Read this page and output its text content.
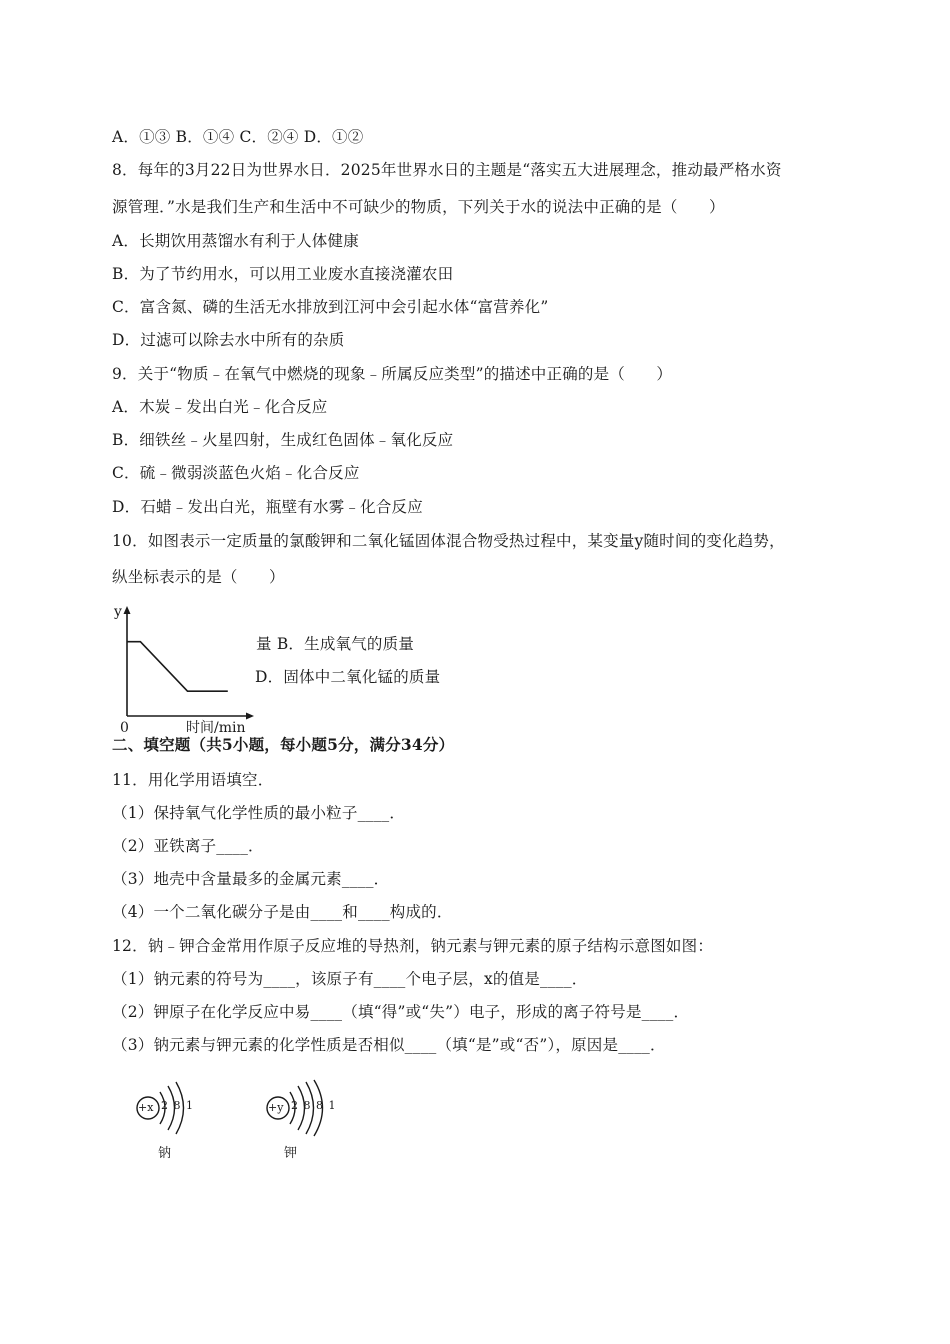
A．①③ B．①④ C．②④ D．①②
8．每年的3月22日为世界水日．2025年世界水日的主题是“落实五大进展理念，推动最严格水资
源管理．”水是我们生产和生活中不可缺少的物质，下列关于水的说法中正确的是（　　）
A．长期饮用蒸馏水有利于人体健康
B．为了节约用水，可以用工业废水直接浇灌农田
C．富含氮、磷的生活无水排放到江河中会引起水体“富营养化”
D．过滤可以除去水中所有的杂质
9．关于“物质﹣在氧气中燃烧的现象﹣所属反应类型”的描述中正确的是（　　）
A．木炭﹣发出白光﹣化合反应
B．细铁丝﹣火星四射，生成红色固体﹣氧化反应
C．硫﹣微弱淡蓝色火焰﹣化合反应
D．石蜡﹣发出白光，瓶壁有水雾﹣化合反应
10．如图表示一定质量的氯酸钾和二氧化锰固体混合物受热过程中，某变量y随时间的变化趋势，
纵坐标表示的是（　　）
量 B．生成氧气的质量
D．固体中二氧化锰的质量
y
0	时间/min
二、填空题（共5小题，每小题5分，满分34分）
11．用化学用语填空．
（1）保持氧气化学性质的最小粒子____．
（2）亚铁离子____．
（3）地壳中含量最多的金属元素____．
（4）一个二氧化碳分子是由____和____构成的．
12．钠﹣钾合金常用作原子反应堆的导热剂，钠元素与钾元素的原子结构示意图如图：
（1）钠元素的符号为____，该原子有____个电子层，x的值是____．
（2）钾原子在化学反应中易____（填“得”或“失”）电子，形成的离子符号是____．
（3）钠元素与钾元素的化学性质是否相似____（填“是”或“否”），原因是____．
+x 2 8 1
钠
+y 2 8 8 1
钾
